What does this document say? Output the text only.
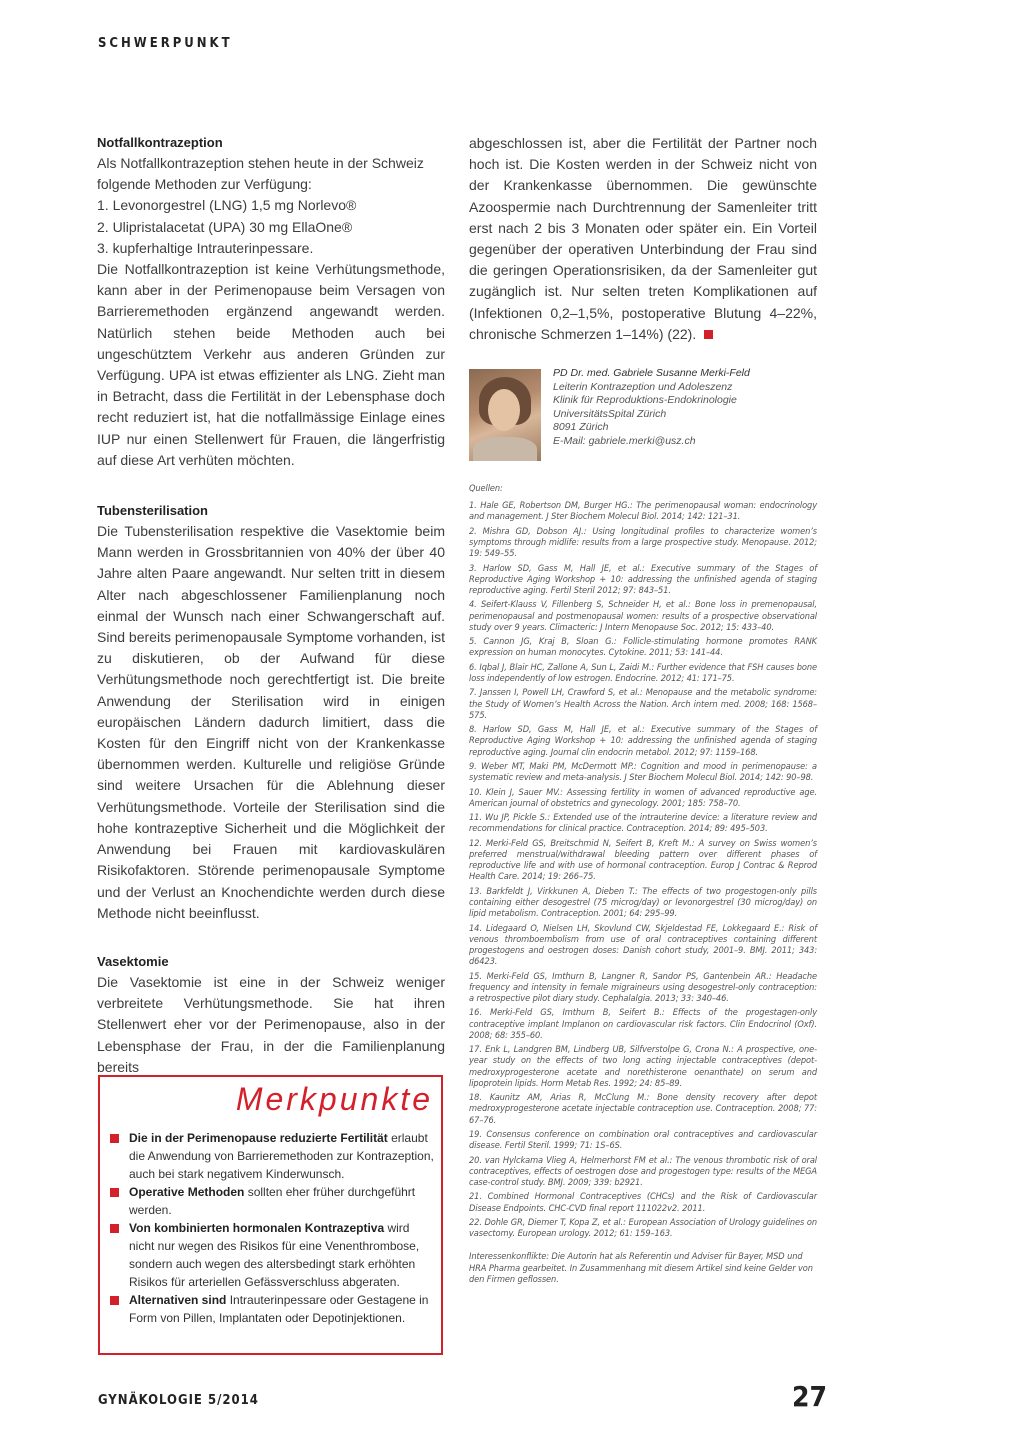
SCHWERPUNKT
Notfallkontrazeption

Als Notfallkontrazeption stehen heute in der Schweiz folgende Methoden zur Verfügung:

1. Levonorgestrel (LNG) 1,5 mg Norlevo®
2. Ulipristalacetat (UPA) 30 mg EllaOne®
3. kupferhaltige Intrauterinpessare.

Die Notfallkontrazeption ist keine Verhütungsmethode, kann aber in der Perimenopause beim Versagen von Barrieremethoden ergänzend angewandt werden. Natürlich stehen beide Methoden auch bei ungeschütztem Verkehr aus anderen Gründen zur Verfügung. UPA ist etwas effizienter als LNG. Zieht man in Betracht, dass die Fertilität in der Lebensphase doch recht reduziert ist, hat die notfallmässige Einlage eines IUP nur einen Stellenwert für Frauen, die längerfristig auf diese Art verhüten möchten.

Tubensterilisation

Die Tubensterilisation respektive die Vasektomie beim Mann werden in Grossbritannien von 40% der über 40 Jahre alten Paare angewandt. Nur selten tritt in diesem Alter nach abgeschlossener Familienplanung noch einmal der Wunsch nach einer Schwangerschaft auf. Sind bereits perimenopausale Symptome vorhanden, ist zu diskutieren, ob der Aufwand für diese Verhütungsmethode noch gerechtfertigt ist. Die breite Anwendung der Sterilisation wird in einigen europäischen Ländern dadurch limitiert, dass die Kosten für den Eingriff nicht von der Krankenkasse übernommen werden. Kulturelle und religiöse Gründe sind weitere Ursachen für die Ablehnung dieser Verhütungsmethode. Vorteile der Sterilisation sind die hohe kontrazeptive Sicherheit und die Möglichkeit der Anwendung bei Frauen mit kardiovaskulären Risikofaktoren. Störende perimenopausale Symptome und der Verlust an Knochendichte werden durch diese Methode nicht beeinflusst.

Vasektomie

Die Vasektomie ist eine in der Schweiz weniger verbreitete Verhütungsmethode. Sie hat ihren Stellenwert eher vor der Perimenopause, also in der Lebensphase der Frau, in der die Familienplanung bereits

abgeschlossen ist, aber die Fertilität der Partner noch hoch ist. Die Kosten werden in der Schweiz nicht von der Krankenkasse übernommen. Die gewünschte Azoospermie nach Durchtrennung der Samenleiter tritt erst nach 2 bis 3 Monaten oder später ein. Ein Vorteil gegenüber der operativen Unterbindung der Frau sind die geringen Operationsrisiken, da der Samenleiter gut zugänglich ist. Nur selten treten Komplikationen auf (Infektionen 0,2–1,5%, postoperative Blutung 4–22%, chronische Schmerzen 1–14%) (22).
PD Dr. med. Gabriele Susanne Merki-Feld
Leiterin Kontrazeption und Adoleszenz
Klinik für Reproduktions-Endokrinologie
UniversitätsSpital Zürich
8091 Zürich
E-Mail: gabriele.merki@usz.ch
Quellen:
1. Hale GE, Robertson DM, Burger HG.: The perimenopausal woman: endocrinology and management. J Ster Biochem Molecul Biol. 2014; 142: 121–31.
2. Mishra GD, Dobson AJ.: Using longitudinal profiles to characterize women’s symptoms through midlife: results from a large prospective study. Menopause. 2012; 19: 549–55.
3. Harlow SD, Gass M, Hall JE, et al.: Executive summary of the Stages of Reproductive Aging Workshop + 10: addressing the unfinished agenda of staging reproductive aging. Fertil Steril 2012; 97: 843–51.
4. Seifert-Klauss V, Fillenberg S, Schneider H, et al.: Bone loss in premenopausal, perimenopausal and postmenopausal women: results of a prospective observational study over 9 years. Climacteric: J Intern Menopause Soc. 2012; 15: 433–40.
5. Cannon JG, Kraj B, Sloan G.: Follicle-stimulating hormone promotes RANK expression on human monocytes. Cytokine. 2011; 53: 141–44.
6. Iqbal J, Blair HC, Zallone A, Sun L, Zaidi M.: Further evidence that FSH causes bone loss independently of low estrogen. Endocrine. 2012; 41: 171–75.
7. Janssen I, Powell LH, Crawford S, et al.: Menopause and the metabolic syndrome: the Study of Women’s Health Across the Nation. Arch intern med. 2008; 168: 1568–575.
8. Harlow SD, Gass M, Hall JE, et al.: Executive summary of the Stages of Reproductive Aging Workshop + 10: addressing the unfinished agenda of staging reproductive aging. Journal clin endocrin metabol. 2012; 97: 1159–168.
9. Weber MT, Maki PM, McDermott MP.: Cognition and mood in perimenopause: a systematic review and meta-analysis. J Ster Biochem Molecul Biol. 2014; 142: 90–98.
10. Klein J, Sauer MV.: Assessing fertility in women of advanced reproductive age. American journal of obstetrics and gynecology. 2001; 185: 758–70.
11. Wu JP, Pickle S.: Extended use of the intrauterine device: a literature review and recommendations for clinical practice. Contraception. 2014; 89: 495–503.
12. Merki-Feld GS, Breitschmid N, Seifert B, Kreft M.: A survey on Swiss women’s preferred menstrual/withdrawal bleeding pattern over different phases of reproductive life and with use of hormonal contraception. Europ J Contrac & Reprod Health Care. 2014; 19: 266–75.
13. Barkfeldt J, Virkkunen A, Dieben T.: The effects of two progestogen-only pills containing either desogestrel (75 microg/day) or levonorgestrel (30 microg/day) on lipid metabolism. Contraception. 2001; 64: 295–99.
14. Lidegaard O, Nielsen LH, Skovlund CW, Skjeldestad FE, Lokkegaard E.: Risk of venous thromboembolism from use of oral contraceptives containing different progestogens and oestrogen doses: Danish cohort study, 2001–9. BMJ. 2011; 343: d6423.
15. Merki-Feld GS, Imthurn B, Langner R, Sandor PS, Gantenbein AR.: Headache frequency and intensity in female migraineurs using desogestrel-only contraception: a retrospective pilot diary study. Cephalalgia. 2013; 33: 340–46.
16. Merki-Feld GS, Imthurn B, Seifert B.: Effects of the progestagen-only contraceptive implant Implanon on cardiovascular risk factors. Clin Endocrinol (Oxf). 2008; 68: 355–60.
17. Enk L, Landgren BM, Lindberg UB, Silfverstolpe G, Crona N.: A prospective, one-year study on the effects of two long acting injectable contraceptives (depot-medroxyprogesterone acetate and norethisterone oenanthate) on serum and lipoprotein lipids. Horm Metab Res. 1992; 24: 85–89.
18. Kaunitz AM, Arias R, McClung M.: Bone density recovery after depot medroxyprogesterone acetate injectable contraception use. Contraception. 2008; 77: 67–76.
19. Consensus conference on combination oral contraceptives and cardiovascular disease. Fertil Steril. 1999; 71: 1S–6S.
20. van Hylckama Vlieg A, Helmerhorst FM et al.: The venous thrombotic risk of oral contraceptives, effects of oestrogen dose and progestogen type: results of the MEGA case-control study. BMJ. 2009; 339: b2921.
21. Combined Hormonal Contraceptives (CHCs) and the Risk of Cardiovascular Disease Endpoints. CHC-CVD final report 111022v2. 2011.
22. Dohle GR, Diemer T, Kopa Z, et al.: European Association of Urology guidelines on vasectomy. European urology. 2012; 61: 159–163.
Interessenkonflikte: Die Autorin hat als Referentin und Adviser für Bayer, MSD und HRA Pharma gearbeitet. In Zusammenhang mit diesem Artikel sind keine Gelder von den Firmen geflossen.
Merkpunkte
Die in der Perimenopause reduzierte Fertilität erlaubt die Anwendung von Barrieremethoden zur Kontrazeption, auch bei stark negativem Kinderwunsch.
Operative Methoden sollten eher früher durchgeführt werden.
Von kombinierten hormonalen Kontrazeptiva wird nicht nur wegen des Risikos für eine Venenthrombose, sondern auch wegen des altersbedingt stark erhöhten Risikos für arteriellen Gefässverschluss abgeraten.
Alternativen sind Intrauterinpessare oder Gestagene in Form von Pillen, Implantaten oder Depotinjektionen.
GYNÄKOLOGIE 5/2014	27
